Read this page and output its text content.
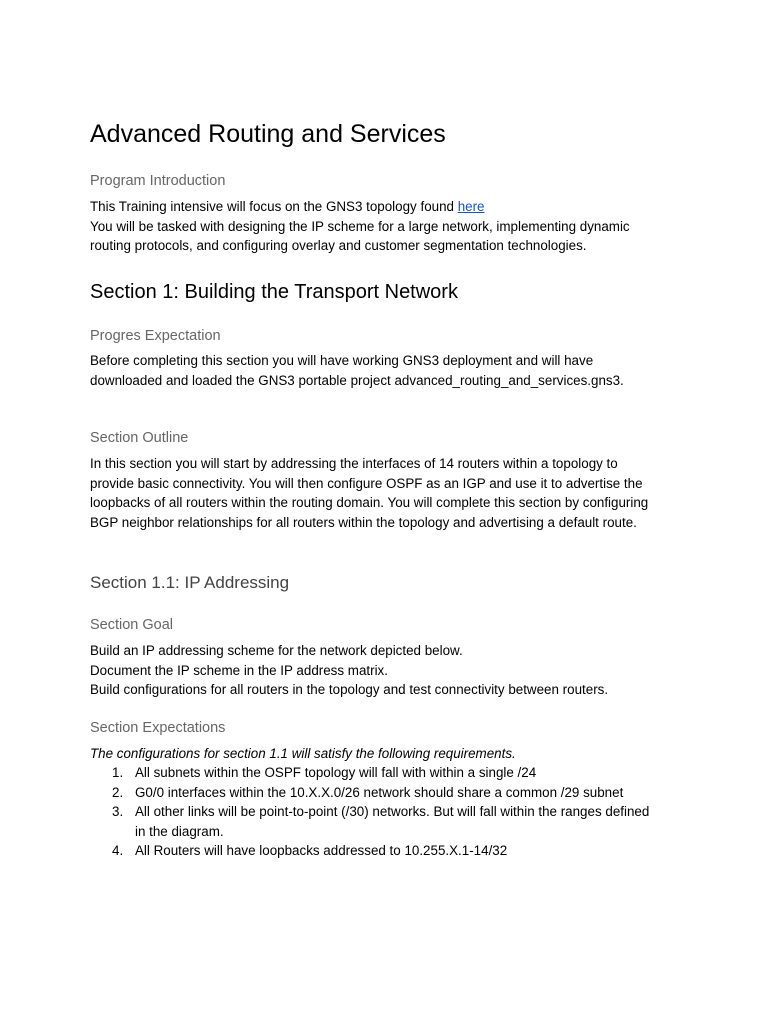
Advanced Routing and Services
Program Introduction
This Training intensive will focus on the GNS3 topology found here
You will be tasked with designing the IP scheme for a large network, implementing dynamic
routing protocols, and configuring overlay and customer segmentation technologies.
Section 1: Building the Transport Network
Progres Expectation
Before completing this section you will have working GNS3 deployment and will have
downloaded and loaded the GNS3 portable project advanced_routing_and_services.gns3.
Section Outline
In this section you will start by addressing the interfaces of 14 routers within a topology to
provide basic connectivity. You will then configure OSPF as an IGP and use it to advertise the
loopbacks of all routers within the routing domain. You will complete this section by configuring
BGP neighbor relationships for all routers within the topology and advertising a default route.
Section 1.1: IP Addressing
Section Goal
Build an IP addressing scheme for the network depicted below.
Document the IP scheme in the IP address matrix.
Build configurations for all routers in the topology and test connectivity between routers.
Section Expectations
The configurations for section 1.1 will satisfy the following requirements.
1. All subnets within the OSPF topology will fall with within a single /24
2. G0/0 interfaces within the 10.X.X.0/26 network should share a common /29 subnet
3. All other links will be point-to-point (/30) networks. But will fall within the ranges defined
in the diagram.
4. All Routers will have loopbacks addressed to 10.255.X.1-14/32
